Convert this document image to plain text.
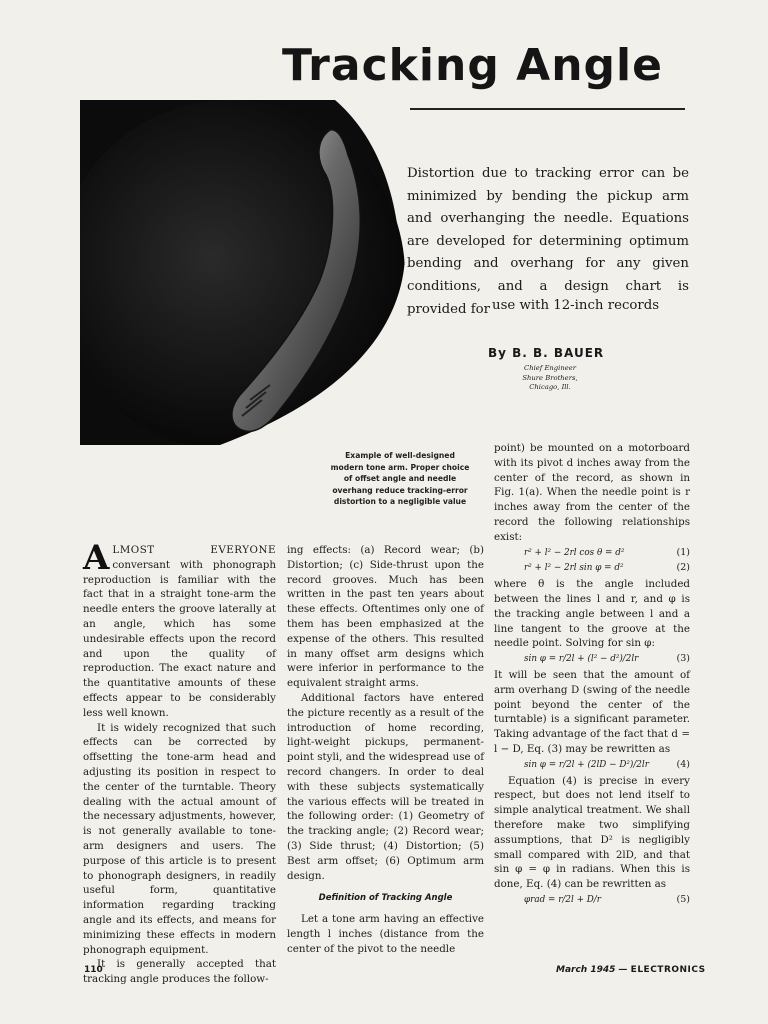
Tracking Angle
Example of well-designed modern tone arm. Proper choice of offset angle and needle overhang reduce tracking-error distortion to a negligible value
Distortion due to tracking error can be minimized by bending the pickup arm and overhanging the needle. Equations are developed for determining optimum bending and overhang for any given conditions, and a design chart is provided for use with 12-inch records
By B. B. BAUER
Chief Engineer
Shure Brothers,
Chicago, Ill.

ALMOST EVERYONE conversant with phonograph reproduction is familiar with the fact that in a straight tone-arm the needle enters the groove laterally at an angle, which has some undesirable effects upon the record and upon the quality of reproduction. The exact nature and the quantitative amounts of these effects appear to be considerably less well known.

It is widely recognized that such effects can be corrected by offsetting the tone-arm head and adjusting its position in respect to the center of the turntable. Theory dealing with the actual amount of the necessary adjustments, however, is not generally available to tone-arm designers and users. The purpose of this article is to present to phonograph designers, in readily useful form, quantitative information regarding tracking angle and its effects, and means for minimizing these effects in modern phonograph equipment.

It is generally accepted that tracking angle produces the follow-

ing effects: (a) Record wear; (b) Distortion; (c) Side-thrust upon the record grooves. Much has been written in the past ten years about these effects. Oftentimes only one of them has been emphasized at the expense of the others. This resulted in many offset arm designs which were inferior in performance to the equivalent straight arms.

Additional factors have entered the picture recently as a result of the introduction of home recording, light-weight pickups, permanent-point styli, and the widespread use of record changers. In order to deal with these subjects systematically the various effects will be treated in the following order: (1) Geometry of the tracking angle; (2) Record wear; (3) Side thrust; (4) Distortion; (5) Best arm offset; (6) Optimum arm design.

Definition of Tracking Angle

Let a tone arm having an effective length l inches (distance from the center of the pivot to the needle

point) be mounted on a motorboard with its pivot d inches away from the center of the record, as shown in Fig. 1(a). When the needle point is r inches away from the center of the record the following relationships exist:

r² + l² − 2rl cos θ = d²	(1)
r² + l² − 2rl sin φ = d²	(2)

where θ is the angle included between the lines l and r, and φ is the tracking angle between l and a line tangent to the groove at the needle point. Solving for sin φ:

sin φ = r/2l + (l² − d²)/2lr	(3)

It will be seen that the amount of arm overhang D (swing of the needle point beyond the center of the turntable) is a significant parameter. Taking advantage of the fact that d = l − D, Eq. (3) may be rewritten as

sin φ = r/2l + (2lD − D²)/2lr	(4)

Equation (4) is precise in every respect, but does not lend itself to simple analytical treatment. We shall therefore make two simplifying assumptions, that D² is negligibly small compared with 2lD, and that sin φ = φ in radians. When this is done, Eq. (4) can be rewritten as

φrad = r/2l + D/r	(5)
110	March 1945 — ELECTRONICS
